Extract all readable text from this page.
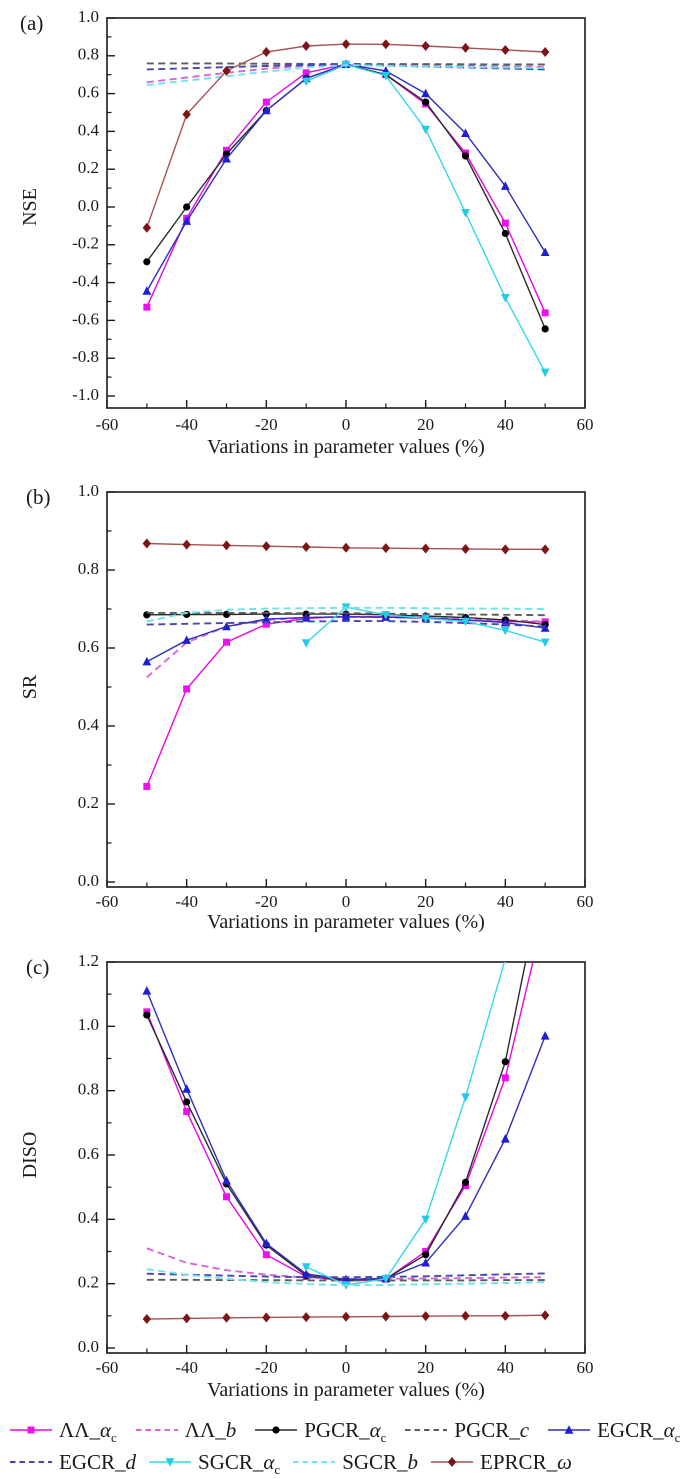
1.0
0.8
0.6
0.4
0.2
0.0
-0.2
-0.4
-0.6
-0.8
-1.0
-60	-40	-20	0	20	40	60
(a)
NSE
Variations in parameter values (%)
1.0
0.8
0.6
0.4
0.2
0.0
-60	-40	-20	0	20	40	60
(b)
SR
Variations in parameter values (%)
1.2
1.0
0.8
0.6
0.4
0.2
0.0
-60	-40	-20	0	20	40	60
(c)
DISO
Variations in parameter values (%)
$\Lambda\Lambda\_\alpha_c$	ΛΛ_b	$PGCR\_\alpha_c$	PGCR_c	$EGCR\_\alpha_c$
EGCR_d	$SGCR\_\alpha_c$	SGCR_b	EPRCR_ω
